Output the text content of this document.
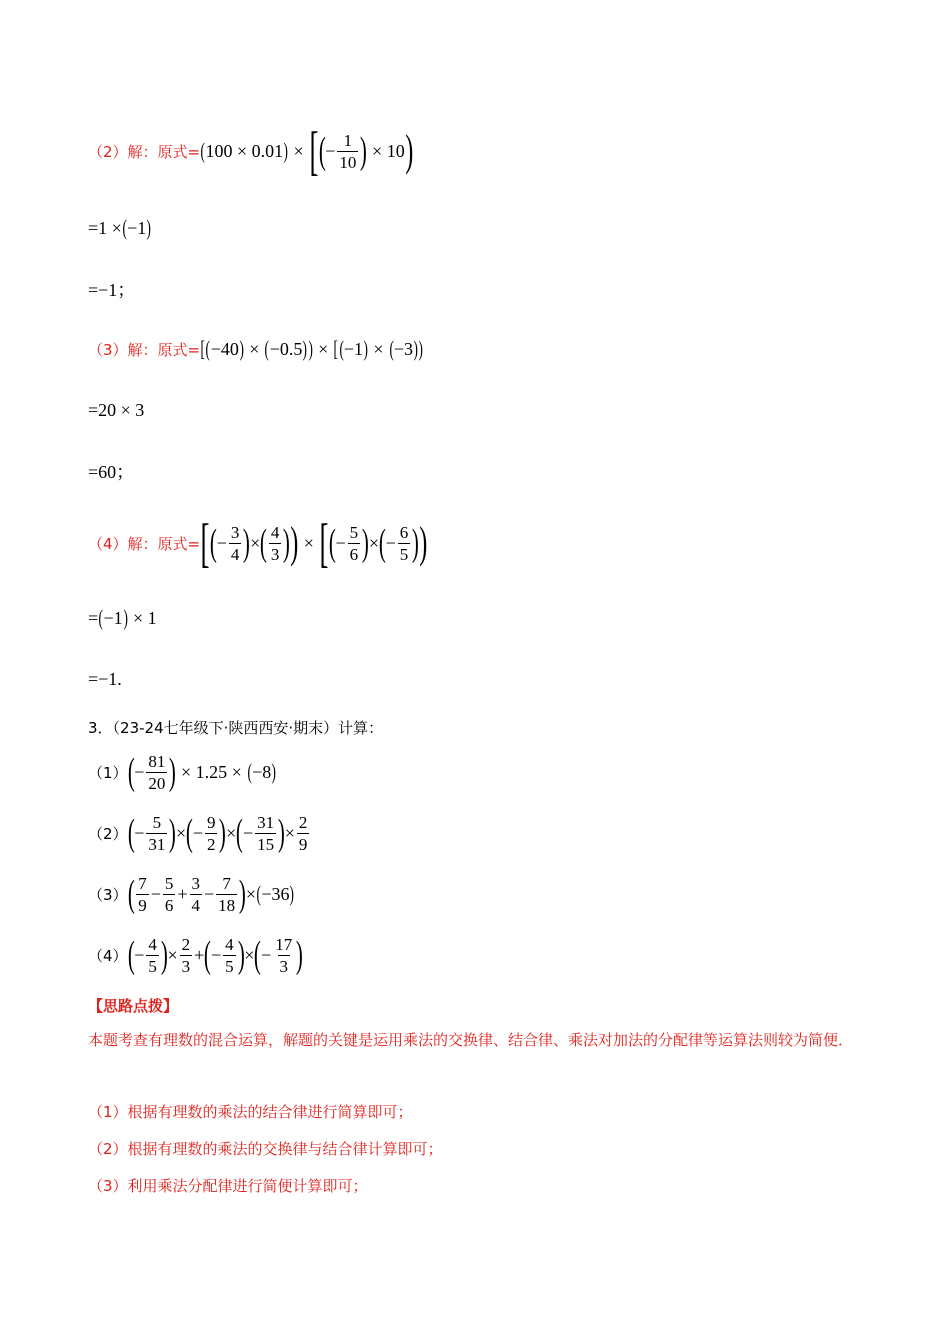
（2）解：原式= ( 100 × 0.01 ) × [ ( − $\frac{1}{10}$ ) × 10 )
=1 × ( −1 )
=−1；
（3）解：原式= [ ( −40 ) × ( −0.5 ) ) × [ ( −1 ) × ( −3 ) )
=20 × 3
=60；
（4）解：原式= [ ( − $\frac{3}{4}$ ) × ( $\frac{4}{3}$ ) ) × [ ( − $\frac{5}{6}$ ) × ( − $\frac{6}{5}$ ) )
= ( −1 ) × 1
=−1.
3．（23-24七年级下·陕西西安·期末）计算：
（1） ( − $\frac{81}{20}$ ) × 1.25 × ( −8 )
（2） ( − $\frac{5}{31}$ ) × ( − $\frac{9}{2}$ ) × ( − $\frac{31}{15}$ ) × $\frac{2}{9}$
（3） ( $\frac{7}{9} - \frac{5}{6} + \frac{3}{4} - \frac{7}{18}$ ) × ( −36 )
（4） ( − $\frac{4}{5}$ ) × $\frac{2}{3}$ + ( − $\frac{4}{5}$ ) × ( − $\frac{17}{3}$ )
【思路点拨】
本题考查有理数的混合运算，解题的关键是运用乘法的交换律、结合律、乘法对加法的分配律等运算法则较为简便．
（1）根据有理数的乘法的结合律进行简算即可；
（2）根据有理数的乘法的交换律与结合律计算即可；
（3）利用乘法分配律进行简便计算即可；
